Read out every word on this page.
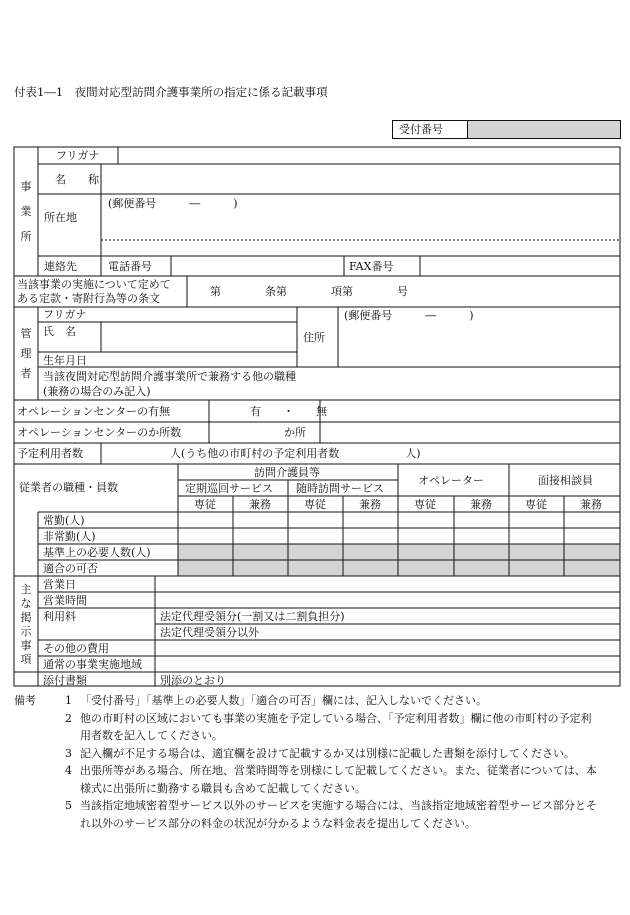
付表1―1　夜間対応型訪問介護事業所の指定に係る記載事項
受付番号
事
業
所
フリガナ
名　　称
(郵便番号　　　―　　　)
所在地
連絡先	電話番号	FAX番号
当該事業の実施について定めて
ある定款・寄附行為等の条文
第　　　　条第　　　　項第　　　　号
管
理
者
フリガナ
氏　名
生年月日
住所
(郵便番号　　　―　　　)
当該夜間対応型訪問介護事業所で兼務する他の職種
(兼務の場合のみ記入)
オペレーションセンターの有無	有　　・　　無
オペレーションセンターのか所数	か所
予定利用者数	人(うち他の市町村の予定利用者数　　　　　　人)
従業者の職種・員数
訪問介護員等
定期巡回サービス 随時訪問サービス
オペレーター	面接相談員
専従	兼務	専従	兼務	専従	兼務	専従	兼務
常勤(人)
非常勤(人)
基準上の必要人数(人)
適合の可否
主
な
掲
示
事
項
営業日
営業時間
利用料	法定代理受領分(一割又は二割負担分)
法定代理受領分以外
その他の費用
通常の事業実施地域
添付書類	別添のとおり
備考	1 「受付番号」「基準上の必要人数」「適合の可否」欄には、記入しないでください。
2 他の市町村の区域においても事業の実施を予定している場合、「予定利用者数」欄に他の市町村の予定利
用者数を記入してください。
3 記入欄が不足する場合は、適宜欄を設けて記載するか又は別様に記載した書類を添付してください。
4 出張所等がある場合、所在地、営業時間等を別様にして記載してください。また、従業者については、本
様式に出張所に勤務する職員も含めて記載してください。
5 当該指定地域密着型サービス以外のサービスを実施する場合には、当該指定地域密着型サービス部分とそ
れ以外のサービス部分の料金の状況が分かるような料金表を提出してください。
